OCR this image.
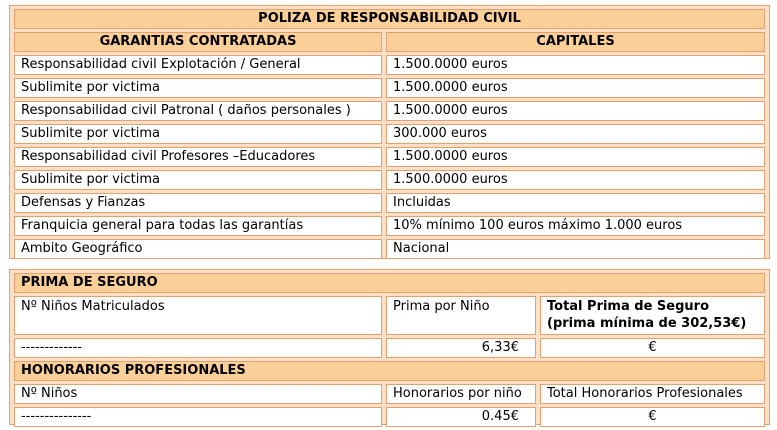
POLIZA DE RESPONSABILIDAD CIVIL	
GARANTIAS CONTRATADAS	CAPITALES
Responsabilidad civil Explotación / General	1.500.0000 euros
Sublimite por victima	1.500.0000 euros
Responsabilidad civil Patronal ( daños personales )	1.500.0000 euros
Sublimite por victima	300.000 euros
Responsabilidad civil Profesores –Educadores	1.500.0000 euros
Sublimite por victima	1.500.0000 euros
Defensas y Fianzas	Incluidas
Franquicia general para todas las garantías	10% mínimo 100 euros máximo 1.000 euros
Ambito Geográfico	Nacional
PRIMA DE SEGURO		
Nº Niños Matriculados	Prima por Niño	Total Prima de Seguro
(prima mínima de 302,53€)

-------------	6,33€	€
HONORARIOS PROFESIONALES		
Nº Niños	Honorarios por niño	Total Honorarios Profesionales
---------------	0.45€	€
